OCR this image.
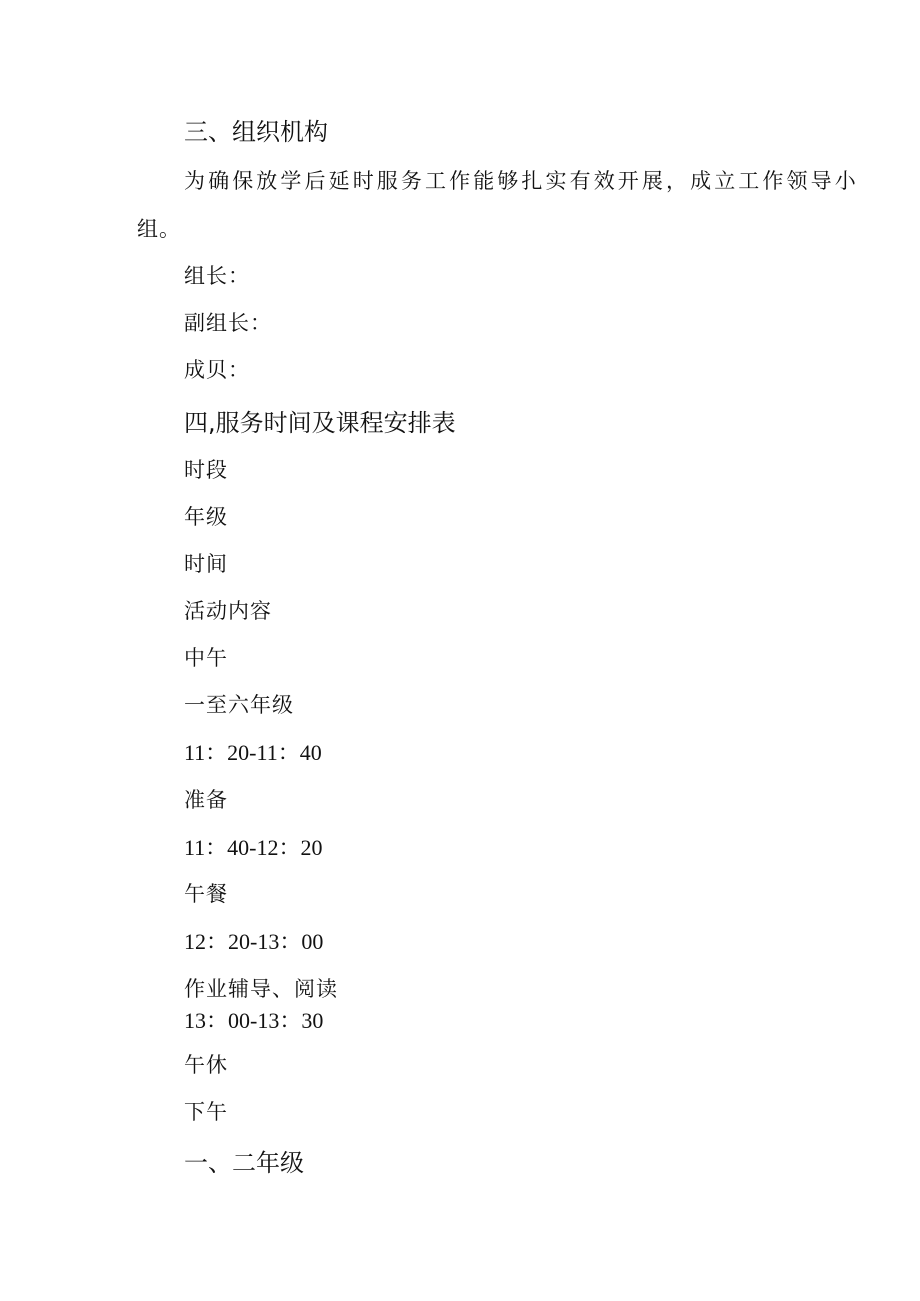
三、组织机构
为确保放学后延时服务工作能够扎实有效开展，成立工作领导小
组。
组长：
副组长：
成贝：
四,服务时间及课程安排表
时段
年级
时间
活动内容
中午
一至六年级
11：20-11：40
准备
11：40-12：20
午餐
12：20-13：00
作业辅导、阅读
13：00-13：30
午休
下午
一、二年级
